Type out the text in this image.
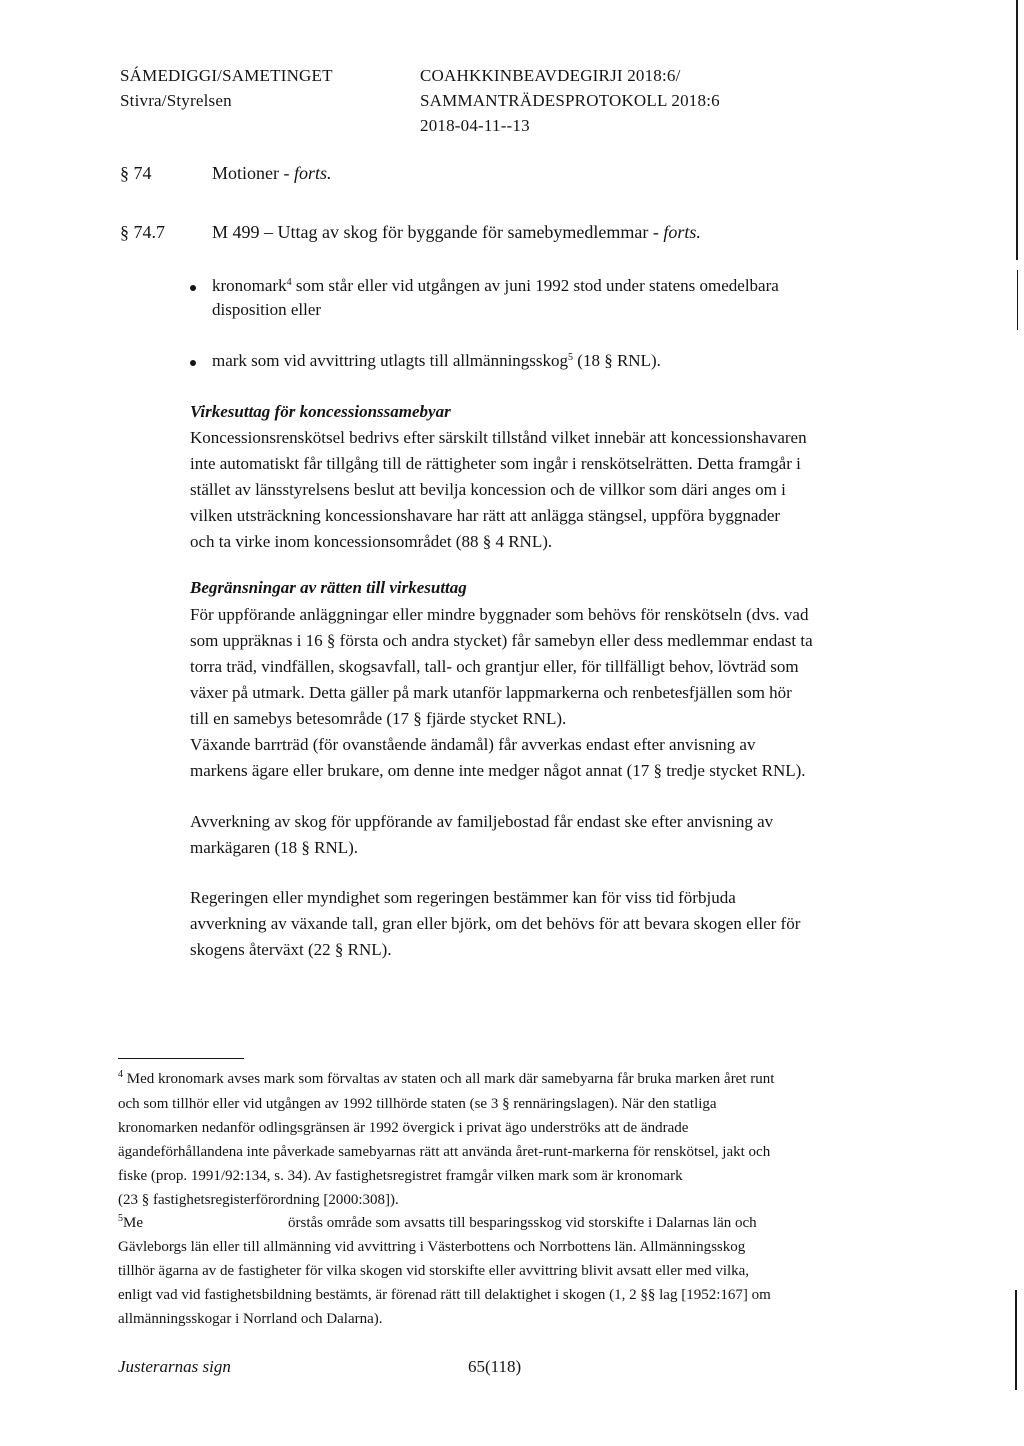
SÁMEDIGGI/SAMETINGET
Stivra/Styrelsen
COAHKKINBEAVDEGIRJI 2018:6/
SAMMANTRÄDESPROTOKOLL 2018:6
2018-04-11--13
§ 74	Motioner - forts.
§ 74.7	M 499 – Uttag av skog för byggande för samebymedlemmar - forts.
kronomark$^4$ som står eller vid utgången av juni 1992 stod under statens omedelbara
disposition eller
mark som vid avvittring utlagts till allmänningsskog$^5$ (18 § RNL).
Virkesuttag för koncessionssamebyar
Koncessionsrenskötsel bedrivs efter särskilt tillstånd vilket innebär att koncessionshavaren
inte automatiskt får tillgång till de rättigheter som ingår i renskötselrätten. Detta framgår i
stället av länsstyrelsens beslut att bevilja koncession och de villkor som däri anges om i
vilken utsträckning koncessionshavare har rätt att anlägga stängsel, uppföra byggnader
och ta virke inom koncessionsområdet (88 § 4 RNL).
Begränsningar av rätten till virkesuttag
För uppförande anläggningar eller mindre byggnader som behövs för renskötseln (dvs. vad
som uppräknas i 16 § första och andra stycket) får samebyn eller dess medlemmar endast ta
torra träd, vindfällen, skogsavfall, tall- och grantjur eller, för tillfälligt behov, lövträd som
växer på utmark. Detta gäller på mark utanför lappmarkerna och renbetesfjällen som hör
till en samebys betesområde (17 § fjärde stycket RNL).
Växande barrträd (för ovanstående ändamål) får avverkas endast efter anvisning av
markens ägare eller brukare, om denne inte medger något annat (17 § tredje stycket RNL).
Avverkning av skog för uppförande av familjebostad får endast ske efter anvisning av
markägaren (18 § RNL).
Regeringen eller myndighet som regeringen bestämmer kan för viss tid förbjuda
avverkning av växande tall, gran eller björk, om det behövs för att bevara skogen eller för
skogens återväxt (22 § RNL).
$^4$ Med kronomark avses mark som förvaltas av staten och all mark där samebyarna får bruka marken året runt
och som tillhör eller vid utgången av 1992 tillhörde staten (se 3 § rennäringslagen). När den statliga
kronomarken nedanför odlingsgränsen är 1992 övergick i privat ägo underströks att de ändrade
ägandeförhållandena inte påverkade samebyarnas rätt att använda året-runt-markerna för renskötsel, jakt och
fiske (prop. 1991/92:134, s. 34). Av fastighetsregistret framgår vilken mark som är kronomark
(23 § fastighetsregisterförordning [2000:308]).
$^5$Me	örstås område som avsatts till besparingsskog vid storskifte i Dalarnas län och
Gävleborgs län eller till allmänning vid avvittring i Västerbottens och Norrbottens län. Allmänningsskog
tillhör ägarna av de fastigheter för vilka skogen vid storskifte eller avvittring blivit avsatt eller med vilka,
enligt vad vid fastighetsbildning bestämts, är förenad rätt till delaktighet i skogen (1, 2 §§ lag [1952:167] om
allmänningsskogar i Norrland och Dalarna).
Justerarnas sign	65(118)
